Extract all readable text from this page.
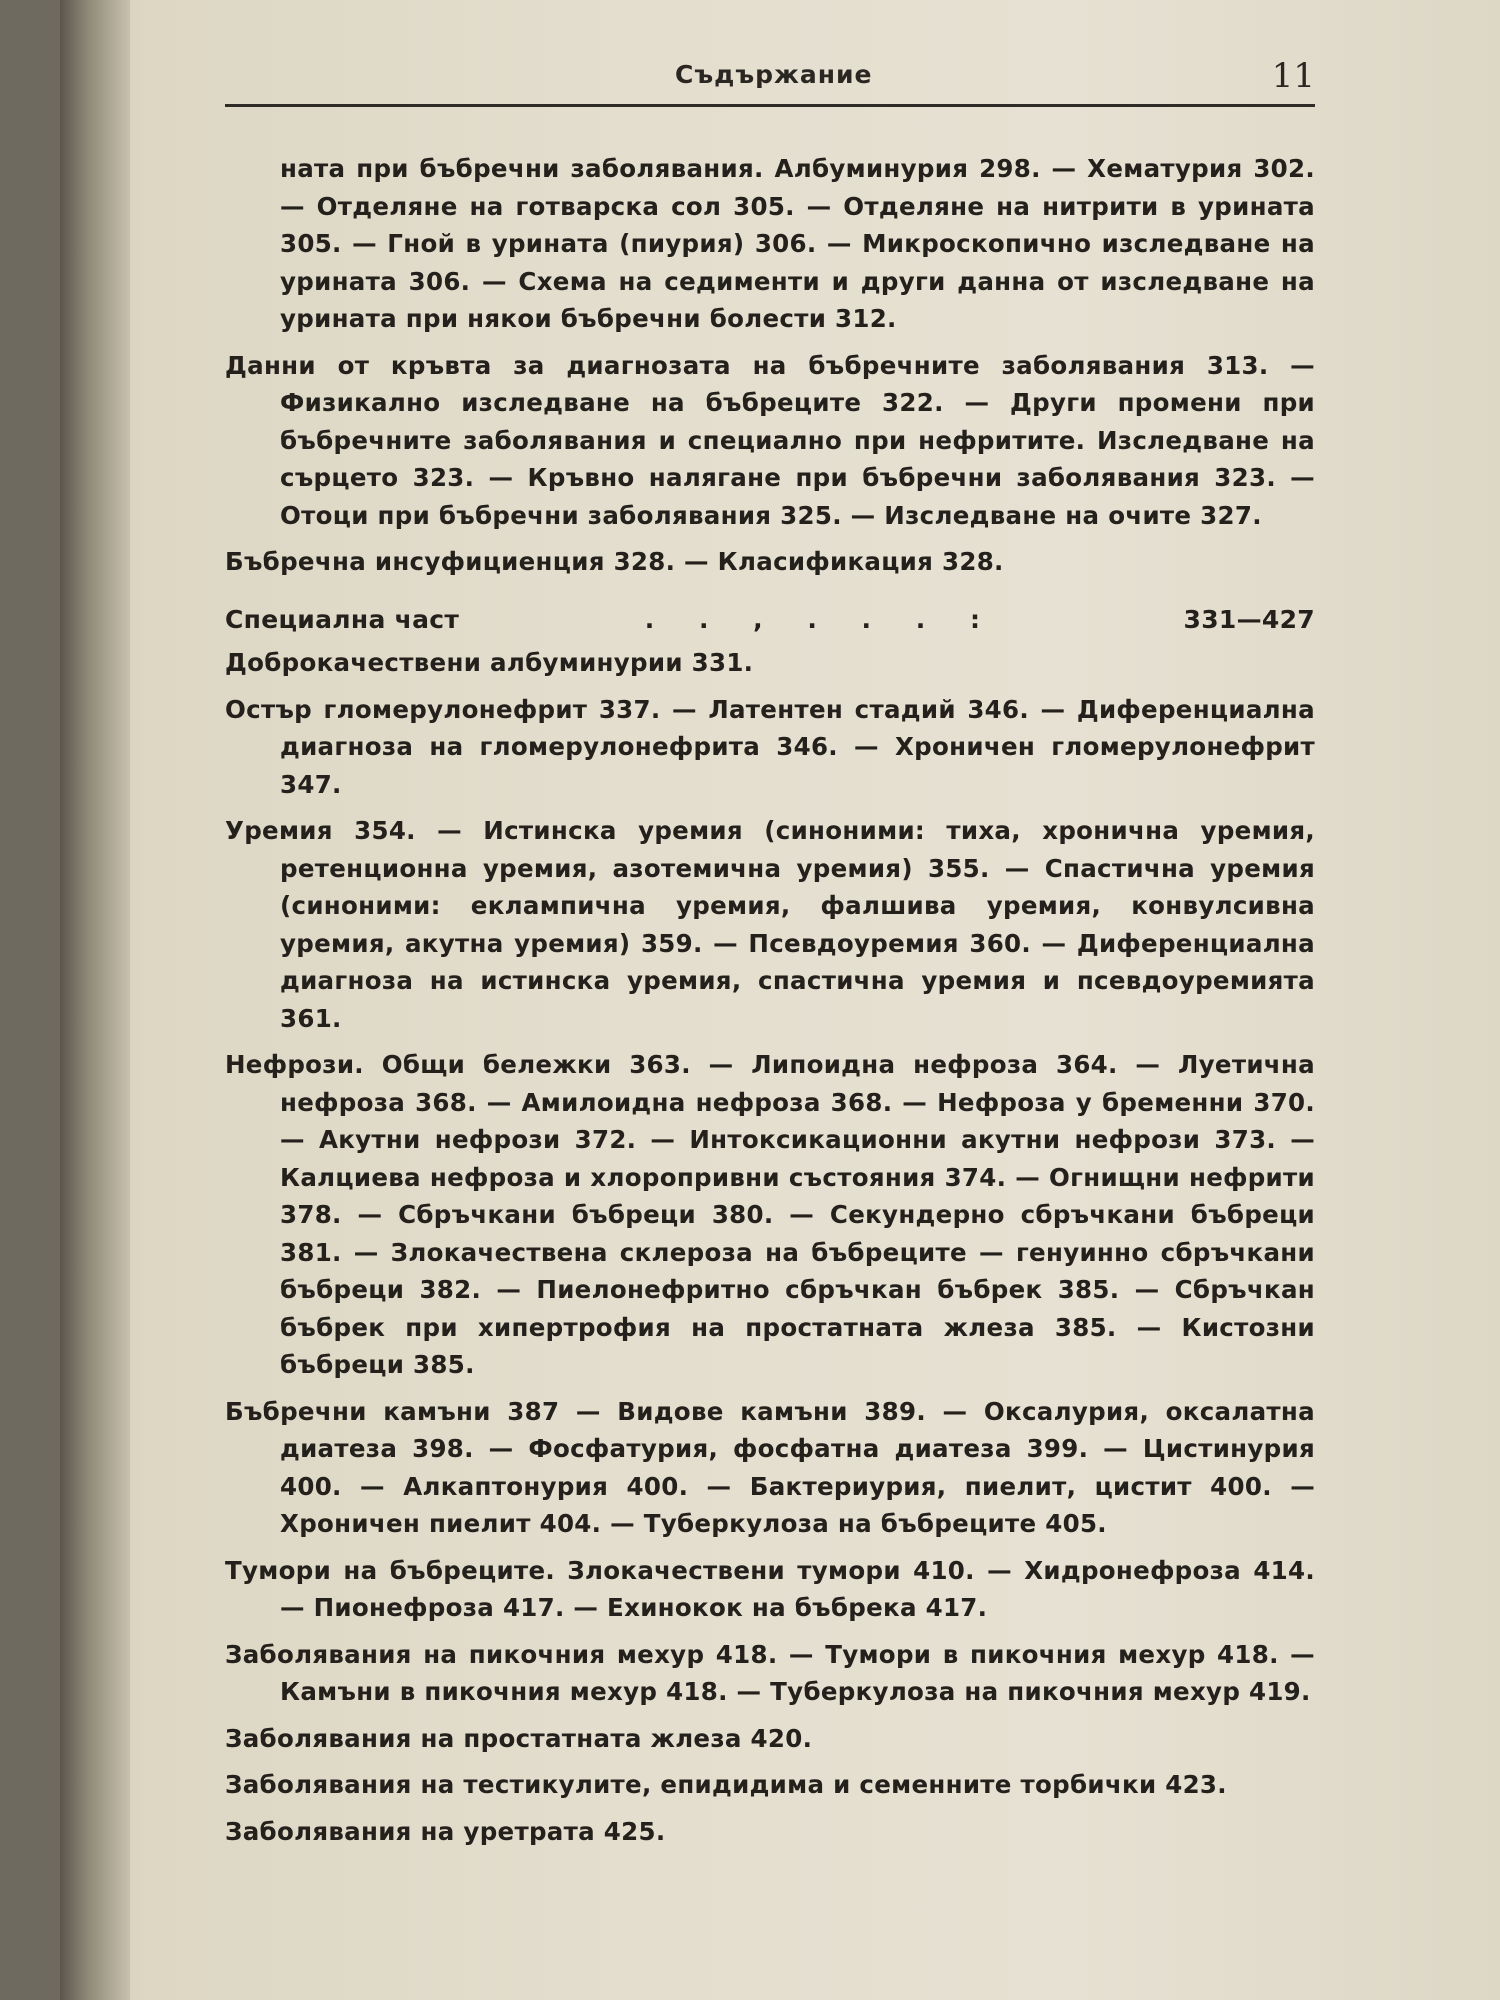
Съдържание	11

ната при бъбречни заболявания. Албуминурия 298. — Хематурия 302. — Отделяне на готварска сол 305. — Отделяне на нитрити в урината 305. — Гной в урината (пиурия) 306. — Микроскопично изследване на урината 306. — Схема на седименти и други данна от изследване на урината при някои бъбречни болести 312.

Данни от кръвта за диагнозата на бъбречните заболявания 313. — Физикално изследване на бъбреците 322. — Други промени при бъбречните заболявания и специално при нефритите. Изследване на сърцето 323. — Кръвно налягане при бъбречни заболявания 323. — Отоци при бъбречни заболявания 325. — Изследване на очите 327.

Бъбречна инсуфициенция 328. — Класификация 328.

Специална част	. . , . . . :	331—427

Доброкачествени албуминурии 331.

Остър гломерулонефрит 337. — Латентен стадий 346. — Диференциална диагноза на гломерулонефрита 346. — Хроничен гломерулонефрит 347.

Уремия 354. — Истинска уремия (синоними: тиха, хронична уремия, ретенционна уремия, азотемична уремия) 355. — Спастична уремия (синоними: еклампична уремия, фалшива уремия, конвулсивна уремия, акутна уремия) 359. — Псевдоуремия 360. — Диференциална диагноза на истинска уремия, спастична уремия и псевдоуремията 361.

Нефрози. Общи бележки 363. — Липоидна нефроза 364. — Луетична нефроза 368. — Амилоидна нефроза 368. — Нефроза у бременни 370. — Акутни нефрози 372. — Интоксикационни акутни нефрози 373. — Калциева нефроза и хлоропривни състояния 374. — Огнищни нефрити 378. — Сбръчкани бъбреци 380. — Секундерно сбръчкани бъбреци 381. — Злокачествена склероза на бъбреците — генуинно сбръчкани бъбреци 382. — Пиелонефритно сбръчкан бъбрек 385. — Сбръчкан бъбрек при хипертрофия на простатната жлеза 385. — Кистозни бъбреци 385.

Бъбречни камъни 387 — Видове камъни 389. — Оксалурия, оксалатна диатеза 398. — Фосфатурия, фосфатна диатеза 399. — Цистинурия 400. — Алкаптонурия 400. — Бактериурия, пиелит, цистит 400. — Хроничен пиелит 404. — Туберкулоза на бъбреците 405.

Тумори на бъбреците. Злокачествени тумори 410. — Хидронефроза 414. — Пионефроза 417. — Ехинокок на бъбрека 417.

Заболявания на пикочния мехур 418. — Тумори в пикочния мехур 418. — Камъни в пикочния мехур 418. — Туберкулоза на пикочния мехур 419.

Заболявания на простатната жлеза 420.

Заболявания на тестикулите, епидидима и семенните торбички 423.

Заболявания на уретрата 425.
